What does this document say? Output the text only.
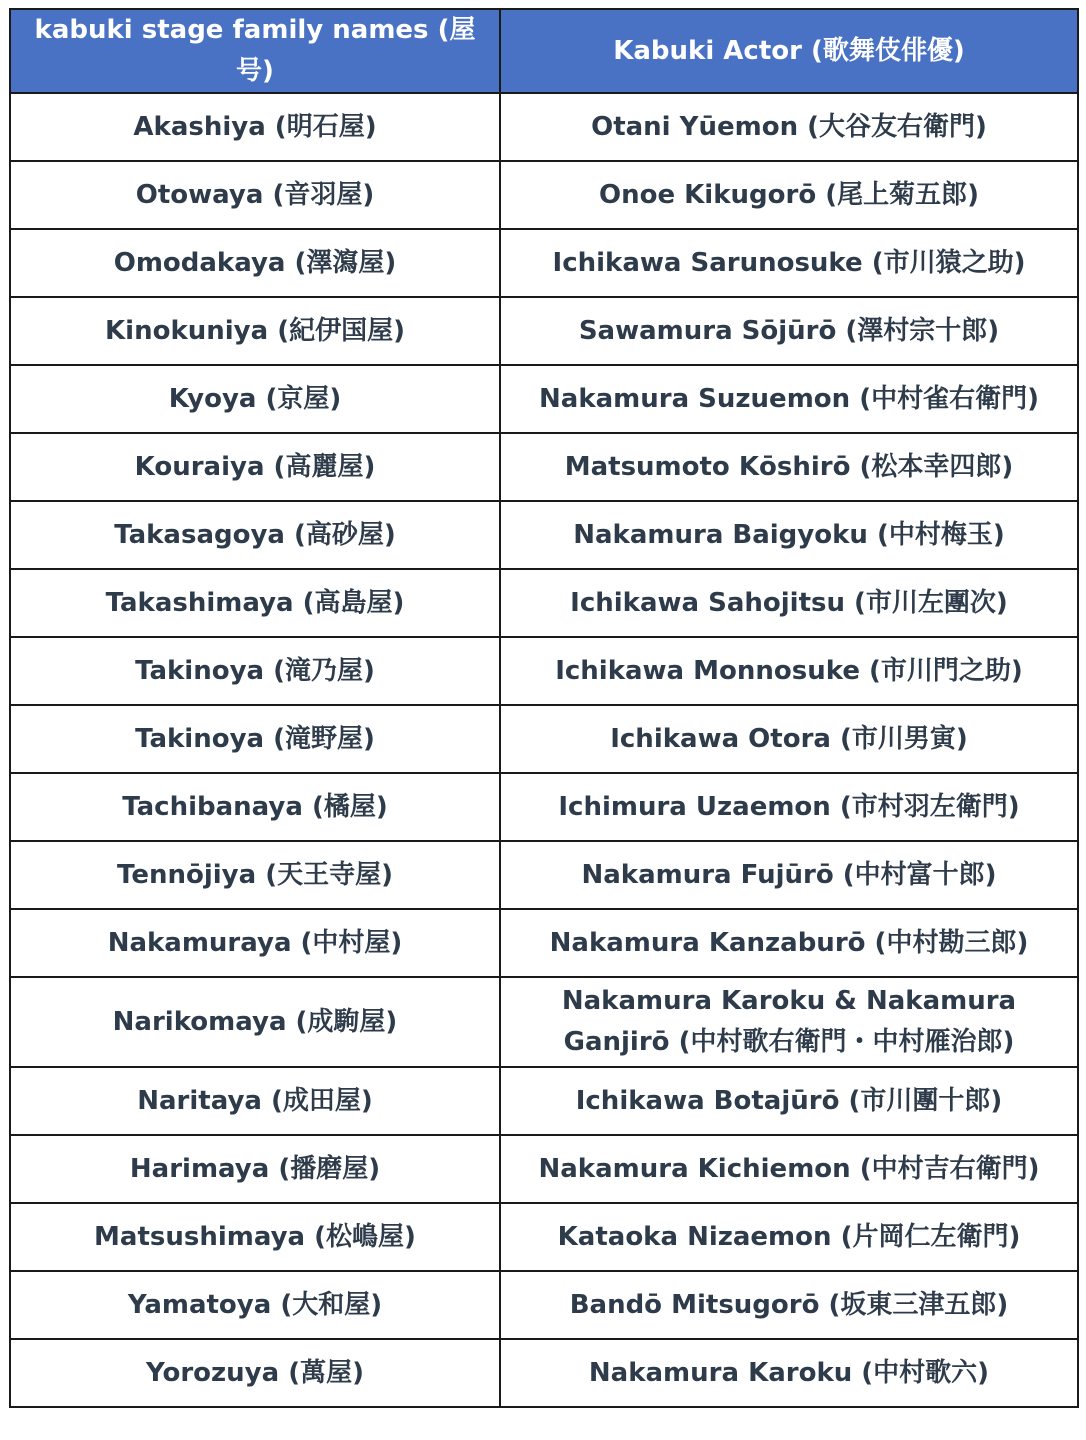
kabuki stage family names (屋号)	Kabuki Actor (歌舞伎俳優)
Akashiya (明石屋)	Otani Yūemon (大谷友右衛門)
Otowaya (音羽屋)	Onoe Kikugorō (尾上菊五郎)
Omodakaya (澤瀉屋)	Ichikawa Sarunosuke (市川猿之助)
Kinokuniya (紀伊国屋)	Sawamura Sōjūrō (澤村宗十郎)
Kyoya (京屋)	Nakamura Suzuemon (中村雀右衛門)
Kouraiya (高麗屋)	Matsumoto Kōshirō (松本幸四郎)
Takasagoya (高砂屋)	Nakamura Baigyoku (中村梅玉)
Takashimaya (高島屋)	Ichikawa Sahojitsu (市川左團次)
Takinoya (滝乃屋)	Ichikawa Monnosuke (市川門之助)
Takinoya (滝野屋)	Ichikawa Otora (市川男寅)
Tachibanaya (橘屋)	Ichimura Uzaemon (市村羽左衛門)
Tennōjiya (天王寺屋)	Nakamura Fujūrō (中村富十郎)
Nakamuraya (中村屋)	Nakamura Kanzaburō (中村勘三郎)
Narikomaya (成駒屋)	Nakamura Karoku & Nakamura Ganjirō (中村歌右衛門・中村雁治郎)
Naritaya (成田屋)	Ichikawa Botajūrō (市川團十郎)
Harimaya (播磨屋)	Nakamura Kichiemon (中村吉右衛門)
Matsushimaya (松嶋屋)	Kataoka Nizaemon (片岡仁左衛門)
Yamatoya (大和屋)	Bandō Mitsugorō (坂東三津五郎)
Yorozuya (萬屋)	Nakamura Karoku (中村歌六)
